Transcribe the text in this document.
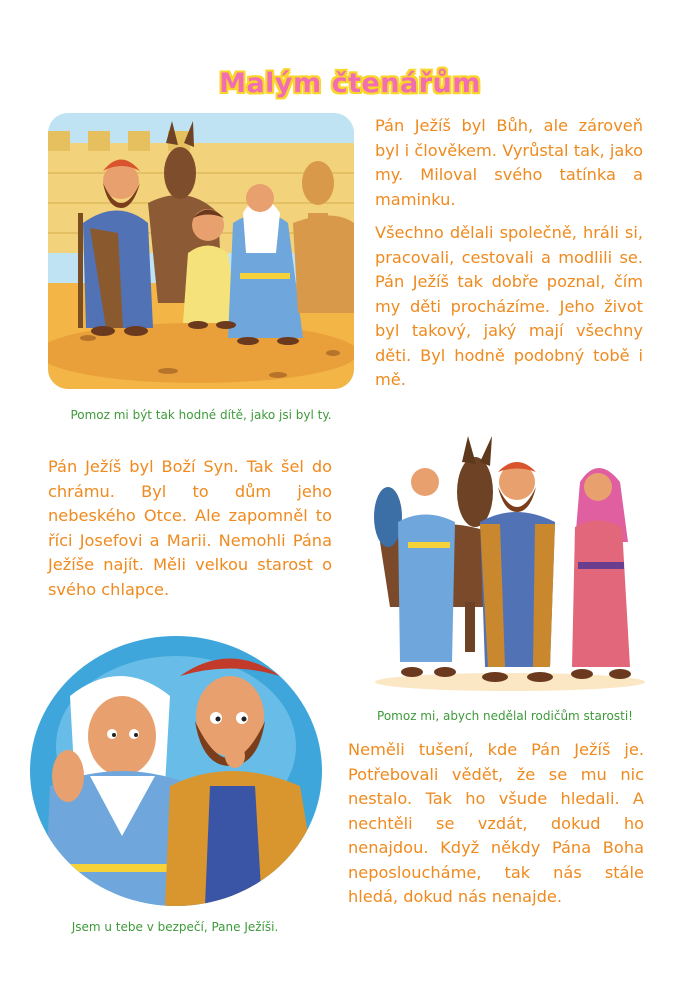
Malým čtenářům

Pán Ježíš byl Bůh, ale zároveň byl i člověkem. Vyrůstal tak, jako my. Miloval svého tatínka a maminku.

Všechno dělali společně, hráli si, pracovali, cestovali a modlili se. Pán Ježíš tak dobře poznal, čím my děti procházíme. Jeho život byl takový, jaký mají všechny děti. Byl hodně podobný tobě i mě.

Pomoz mi být tak hodné dítě, jako jsi byl ty.

Pán Ježíš byl Boží Syn. Tak šel do chrámu. Byl to dům jeho nebeského Otce. Ale zapomněl to říci Josefovi a Marii. Nemohli Pána Ježíše najít. Měli velkou starost o svého chlapce.

Pomoz mi, abych nedělal rodičům starosti!

Jsem u tebe v bezpečí, Pane Ježíši.

Neměli tušení, kde Pán Ježíš je. Potřebovali vědět, že se mu nic nestalo. Tak ho všude hledali. A nechtěli se vzdát, dokud ho nenajdou. Když někdy Pána Boha neposloucháme, tak nás stále hledá, dokud nás nenajde.
